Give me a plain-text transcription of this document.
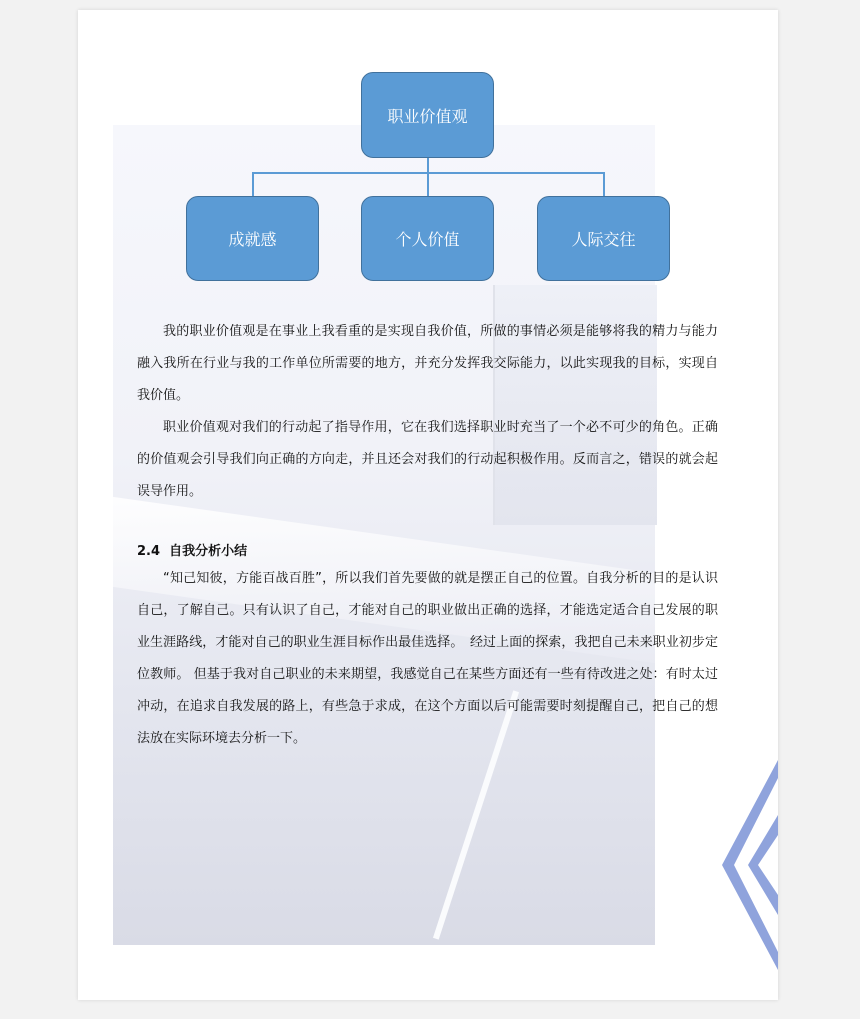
职业价值观
成就感	个人价值	人际交往

我的职业价值观是在事业上我看重的是实现自我价值，所做的事情必须是能够将我的精力与能力融入我所在行业与我的工作单位所需要的地方，并充分发挥我交际能力，以此实现我的目标，实现自我价值。

职业价值观对我们的行动起了指导作用，它在我们选择职业时充当了一个必不可少的角色。正确的价值观会引导我们向正确的方向走，并且还会对我们的行动起积极作用。反而言之，错误的就会起误导作用。

2.4  自我分析小结

“知己知彼，方能百战百胜”，所以我们首先要做的就是摆正自己的位置。自我分析的目的是认识自己，了解自己。只有认识了自己，才能对自己的职业做出正确的选择，才能选定适合自己发展的职业生涯路线，才能对自己的职业生涯目标作出最佳选择。　经过上面的探索，我把自己未来职业初步定位教师。 但基于我对自己职业的未来期望，我感觉自己在某些方面还有一些有待改进之处：有时太过冲动，在追求自我发展的路上，有些急于求成，在这个方面以后可能需要时刻提醒自己，把自己的想法放在实际环境去分析一下。
